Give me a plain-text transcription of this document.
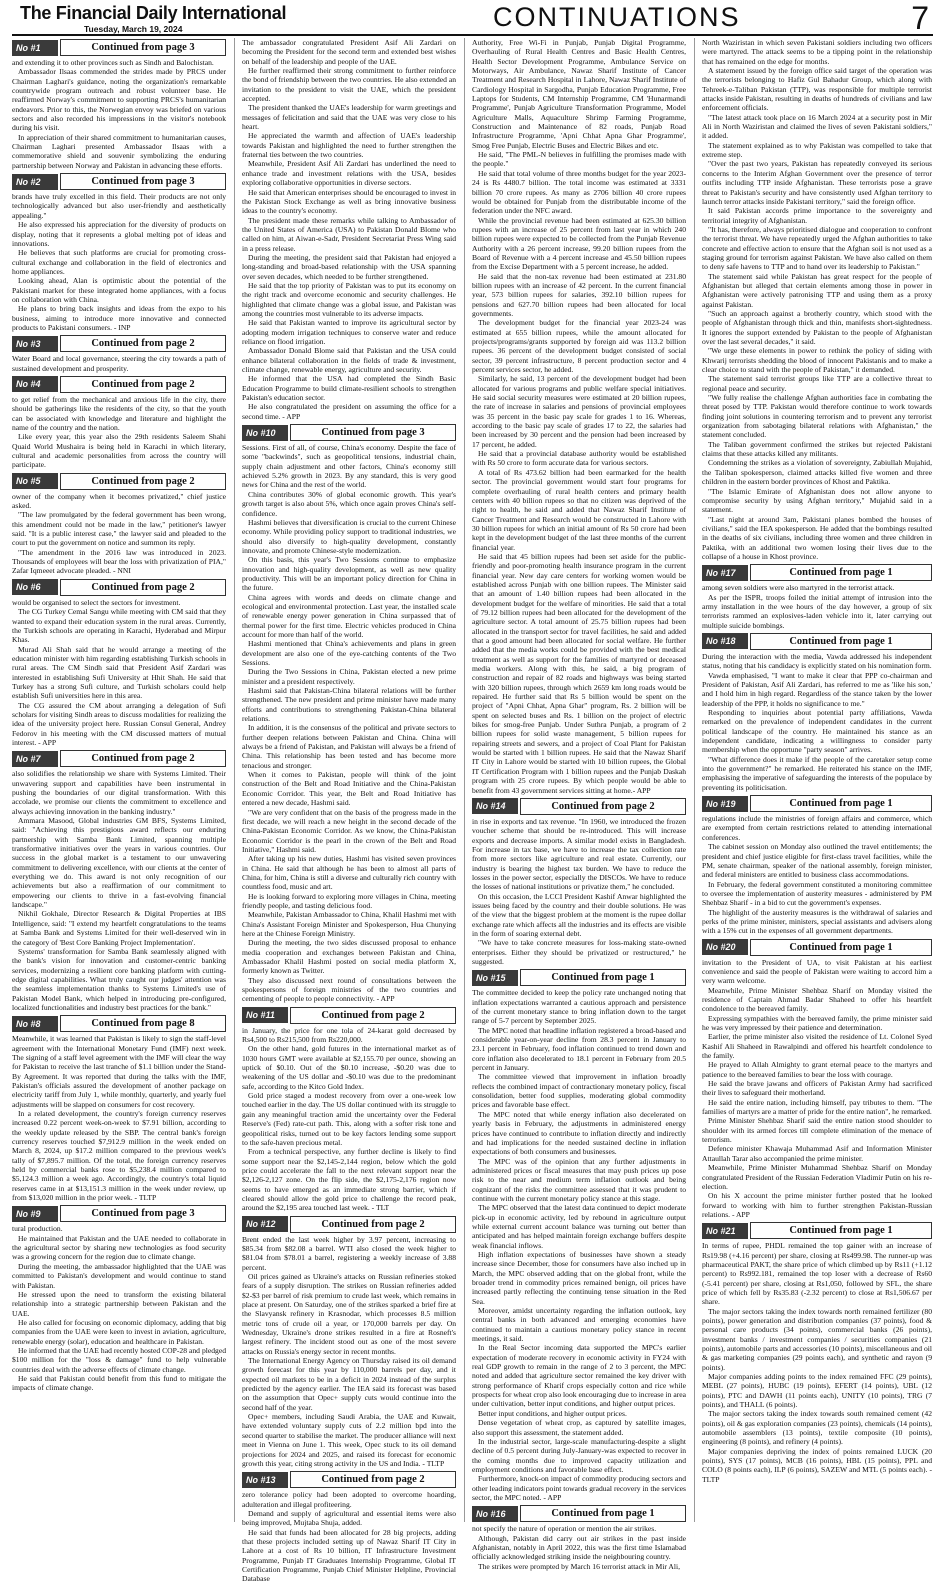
The Financial Daily International
Tuesday, March 19, 2024	CONTINUATIONS	7
No #1	Continued from page 3

and extending it to other provinces such as Sindh and Balochistan.

Ambassador Ilsaas commended the strides made by PRCS under Chairman Laghari's guidance, noting the organization's remarkable countrywide program outreach and robust volunteer base. He reaffirmed Norway's commitment to supporting PRCS's humanitarian endeavors. Prior to this, the Norwegian envoy was briefed on various sectors and also recorded his impressions in the visitor's notebook during his visit.

In appreciation of their shared commitment to humanitarian causes, Chairman Laghari presented Ambassador Ilsaas with a commemorative shield and souvenir symbolizing the enduring partnership between Norway and Pakistan in advancing these efforts.

No #2	Continued from page 3

brands have truly excelled in this field. Their products are not only technologically advanced but also user-friendly and aesthetically appealing."

He also expressed his appreciation for the diversity of products on display, noting that it represents a global melting pot of ideas and innovations.

He believes that such platforms are crucial for promoting cross-cultural exchange and collaboration in the field of electronics and home appliances.

Looking ahead, Alan is optimistic about the potential of the Pakistani market for these integrated home appliances, with a focus on collaboration with China.

He plans to bring back insights and ideas from the expo to his business, aiming to introduce more innovative and connected products to Pakistani consumers. - INP

No #3	Continued from page 2

Water Board and local governance, steering the city towards a path of sustained development and prosperity.

No #4	Continued from page 2

to get relief from the mechanical and anxious life in the city, there should be gatherings like the residents of the city, so that the youth can be associated with knowledge and literature and highlight the name of the country and the nation.

Like every year, this year also the 29th residents Saleem Shahi Quaid World Mushaira is being held in Karachi in which literary, cultural and academic personalities from across the country will participate.

No #5	Continued from page 2

owner of the company when it becomes privatized," chief justice asked.

"The law promulgated by the federal government has been wrong, this amendment could not be made in the law," petitioner's lawyer said. "It is a public interest case," the lawyer said and pleaded to the court to put the government on notice and summon its reply.

"The amendment in the 2016 law was introduced in 2023. Thousands of employees will bear the loss with privatization of PIA," Zafar Iqmeeet advocate pleaded. - NNI

No #6	Continued from page 2

would be organised to select the sectors for investment.

The CG Turkey Cemal Sangu while meeting with CM said that they wanted to expand their education system in the rural areas. Currently, the Turkish schools are operating in Karachi, Hyderabad and Mirpur Khas.

Murad Ali Shah said that he would arrange a meeting of the education minister with him regarding establishing Turkish schools in rural areas. The CM Sindh said that President Asif Zardari was interested in establishing Sufi University at Hhit Shah. He said that Turkey has a strong Sufi culture, and Turkish scholars could help establish Sufi universities here in this area.

The CG assured the CM about arranging a delegation of Sufi scholars for visiting Sindh areas to discuss modalities for realizing the idea of the university project here. Russian Consul General, Andrey Fedorov in his meeting with the CM discussed matters of mutual interest. - APP

No #7	Continued from page 2

also solidifies the relationship we share with Systems Limited. Their unwavering support and capabilities have been instrumental in pushing the boundaries of our digital transformation. With this accolade, we promise our clients the commitment to excellence and always achieving innovation in the banking industry."

Ammara Masood, Global industries GM BFS, Systems Limited, said: "Achieving this prestigious award reflects our enduring partnership with Samba Bank Limited, spanning multiple transformative initiatives over the years in various countries. Our success in the global market is a testament to our unwavering commitment to delivering excellence, with our clients at the center of everything we do. This award is not only recognition of our achievements but also a reaffirmation of our commitment to empowering our clients to thrive in a fast-evolving financial landscape."

Nikhil Gokhale, Director Research & Digital Properties at IBS Intelligence, said: "I extend my heartfelt congratulations to the teams at Samba Bank and Systems Limited for their well-deserved win in the category of 'Best Core Banking Project Implementation'.

Systems' transformation for Samba Bank seamlessly aligned with the bank's vision for innovation and customer-centric banking services, modernizing a resilient core banking platform with cutting-edge digital capabilities. What truly caught our judges' attention was the seamless implementation thanks to Systems Limited's use of Pakistan Model Bank, which helped in introducing pre-configured, localized functionalities and industry best practices for the bank."

No #8	Continued from page 8

Meanwhile, it was learned that Pakistan is likely to sign the staff-level agreement with the International Monetary Fund (IMF) next week. The signing of a staff level agreement with the IMF will clear the way for Pakistan to receive the last tranche of $1.1 billion under the Stand-By Agreement. It was reported that during the talks with the IMF, Pakistan's officials assured the development of another package on electricity tariff from July 1, while monthly, quarterly, and yearly fuel adjustments will be slapped on consumers for cost recovery.

In a related development, the country's foreign currency reserves increased 0.22 percent week-on-week to $7.91 billion, according to the weekly update released by the SBP. The central bank's foreign currency reserves touched $7,912.9 million in the week ended on March 8, 2024, up $17.2 million compared to the previous week's tally of $7,895.7 million. Of the total, the foreign currency reserves held by commercial banks rose to $5,238.4 million compared to $5,124.3 million a week ago. Accordingly, the country's total liquid reserves came in at $13,151.3 million in the week under review, up from $13,020 million in the prior week. - TLTP

No #9	Continued from page 3

tural production.

He maintained that Pakistan and the UAE needed to collaborate in the agricultural sector by sharing new technologies as food security was a growing concern for the region due to climate change.

During the meeting, the ambassador highlighted that the UAE was committed to Pakistan's development and would continue to stand with Pakistan.

He stressed upon the need to transform the existing bilateral relationship into a strategic partnership between Pakistan and the UAE.

He also called for focusing on economic diplomacy, adding that big companies from the UAE were keen to invest in aviation, agriculture, renewable energy (solar), education and healthcare in Pakistan.

He informed that the UAE had recently hosted COP-28 and pledged $100 million for the "loss & damage" fund to help vulnerable countries deal with the adverse effects of climate change.

He said that Pakistan could benefit from this fund to mitigate the impacts of climate change.

The ambassador congratulated President Asif Ali Zardari on becoming the President for the second term and extended best wishes on behalf of the leadership and people of the UAE.

He further reaffirmed their strong commitment to further reinforce the bond of friendship between the two countries. He also extended an invitation to the president to visit the UAE, which the president accepted.

The president thanked the UAE's leadership for warm greetings and messages of felicitation and said that the UAE was very close to his heart.

He appreciated the warmth and affection of UAE's leadership towards Pakistan and highlighted the need to further strengthen the fraternal ties between the two countries.

Meanwhile, President Asif Ali Zardari has underlined the need to enhance trade and investment relations with the USA, besides exploring collaborative opportunities in diverse sectors.

He said that American enterprises should be encouraged to invest in the Pakistan Stock Exchange as well as bring innovative business ideas to the country's economy.

The president made these remarks while talking to Ambassador of the United States of America (USA) to Pakistan Donald Blome who called on him, at Aiwan-e-Sadr, President Secretariat Press Wing said in a press release.

During the meeting, the president said that Pakistan had enjoyed a long-standing and broad-based relationship with the USA spanning over seven decades, which needed to be further strengthened.

He said that the top priority of Pakistan was to put its economy on the right track and overcome economic and security challenges. He highlighted that climate change was a global issue, and Pakistan was among the countries most vulnerable to its adverse impacts.

He said that Pakistan wanted to improve its agricultural sector by adopting modern irrigation techniques to conserve water and reduce reliance on flood irrigation.

Ambassador Donald Blome said that Pakistan and the USA could enhance bilateral collaboration in the fields of trade & investment, climate change, renewable energy, agriculture and security.

He informed that the USA had completed the Sindh Basic Education Programme to build climate-resilient schools to strengthen Pakistan's education sector.

He also congratulated the president on assuming the office for a second time. - APP

No #10	Continued from page 3

Sessions. First of all, of course, China's economy. Despite the face of some "backwinds", such as geopolitical tensions, industrial chain, supply chain adjustment and other factors, China's economy still achieved 5.2% growth in 2023. By any standard, this is very good news for China and the rest of the world.

China contributes 30% of global economic growth. This year's growth target is also about 5%, which once again proves China's self-confidence.

Hashmi believes that diversification is crucial to the current Chinese economy. While providing policy support to traditional industries, we should also diversify to high-quality development, constantly innovate, and promote Chinese-style modernization.

On this basis, this year's Two Sessions continue to emphasize innovation and high-quality development, as well as new quality productivity. This will be an important policy direction for China in the future.

China agrees with words and deeds on climate change and ecological and environmental protection. Last year, the installed scale of renewable energy power generation in China surpassed that of thermal power for the first time. Electric vehicles produced in China account for more than half of the world.

Hashmi mentioned that China's achievements and plans in green development are also one of the eye-catching contents of the Two Sessions.

During the Two Sessions in China, Pakistan elected a new prime minister and a president respectively.

Hashmi said that Pakistan-China bilateral relations will be further strengthened. The new president and prime minister have made many efforts and contributions to strengthening Pakistan-China bilateral relations.

In addition, it is the consensus of the political and private sectors to further deepen relations between Pakistan and China. China will always be a friend of Pakistan, and Pakistan will always be a friend of China. This relationship has been tested and has become more tenacious and stronger.

When it comes to Pakistan, people will think of the joint construction of the Belt and Road Initiative and the China-Pakistan Economic Corridor. This year, the Belt and Road Initiative has entered a new decade, Hashmi said.

"We are very confident that on the basis of the progress made in the first decade, we will reach a new height in the second decade of the China-Pakistan Economic Corridor. As we know, the China-Pakistan Economic Corridor is the pearl in the crown of the Belt and Road Initiative," Hashmi said.

After taking up his new duties, Hashmi has visited seven provinces in China. He said that although he has been to almost all parts of China, for him, China is still a diverse and culturally rich country with countless food, music and art.

He is looking forward to exploring more villages in China, meeting friendly people, and tasting delicious food.

Meanwhile, Pakistan Ambassador to China, Khalil Hashmi met with China's Assistant Foreign Minister and Spokesperson, Hua Chunying here at the Chinese Foreign Ministry.

During the meeting, the two sides discussed proposal to enhance media cooperation and exchanges between Pakistan and China, Ambassador Khalil Hashmi posted on social media platform X, formerly known as Twitter.

They also discussed next round of consultations between the spokespersons of foreign ministries of the two countries and cementing of people to people connectivity. - APP

No #11	Continued from page 2

in January, the price for one tola of 24-karat gold decreased by Rs4,500 to Rs215,500 from Rs220,000.

On the other hand, gold futures in the international market as of 1030 hours GMT were available at $2,155.70 per ounce, showing an uptick of $0.10. Out of the $0.10 increase, -$0.20 was due to weakening of the US dollar and -$0.10 was due to the predominant safe, according to the Kitco Gold Index.

Gold price staged a modest recovery from over a one-week low touched earlier in the day. The US dollar continued with its struggle to gain any meaningful traction amid the uncertainty over the Federal Reserve's (Fed) rate-cut path. This, along with a softer risk tone and geopolitical risks, turned out to be key factors lending some support to the safe-haven precious metal.

From a technical perspective, any further decline is likely to find some support near the $2,145-2,144 region, below which the gold price could accelerate the fall to the next relevant support near the $2,126-2,127 zone. On the flip side, the $2,175-2,176 region now seems to have emerged as an immediate strong barrier, which if cleared should allow the gold price to challenge the record peak, around the $2,195 area touched last week. - TLT

No #12	Continued from page 2

Brent ended the last week higher by 3.97 percent, increasing to $85.34 from $82.08 a barrel. WTI also closed the week higher to $81.04 from $78.01 a barrel, registering a weekly increase of 3.88 percent.

Oil prices gained as Ukraine's attacks on Russian refineries stoked fears of a supply disruption. The strikes on Russian refineries added $2-$3 per barrel of risk premium to crude last week, which remains in place at present. On Saturday, one of the strikes sparked a brief fire at the Slavyansk refinery in Krasnodar, which processes 8.5 million metric tons of crude oil a year, or 170,000 barrels per day. On Wednesday, Ukraine's drone strikes resulted in a fire at Rosneft's largest refinery. The incident stood out as one of the most severe attacks on Russia's energy sector in recent months.

The International Energy Agency on Thursday raised its oil demand growth forecast for this year by 110,000 barrels per day, and it expected oil markets to be in a deficit in 2024 instead of the surplus predicted by the agency earlier. The IEA said its forecast was based on the assumption that Opec+ supply cuts would continue into the second half of the year.

Opec+ members, including Saudi Arabia, the UAE and Kuwait, have extended voluntary supply cuts of 2.2 million bpd into the second quarter to stabilise the market. The producer alliance will next meet in Vienna on June 1. This week, Opec stuck to its oil demand projections for 2024 and 2025, and raised its forecast for economic growth this year, citing strong activity in the US and India. - TLTP

No #13	Continued from page 2

zero tolerance policy had been adopted to overcome hoarding, adulteration and illegal profiteering.

Demand and supply of agricultural and essential items were also being improved, Mujtaba Shuja, added.

He said that funds had been allocated for 28 big projects, adding that these projects included setting up of Nawaz Sharif IT City in Lahore at a cost of Rs 10 billion, IT Infrastructure Investment Programme, Punjab IT Graduates Internship Programme, Global IT Certification Programme, Punjab Chief Minister Helpline, Provincial Database

Authority, Free Wi-Fi in Punjab, Punjab Digital Programme, Overhauling of Rural Health Centres and Basic Health Centres, Health Sector Development Programme, Ambulance Service on Motorways, Air Ambulance, Nawaz Sharif Institute of Cancer Treatment and Research Hospital in Lahore, Nawaz Sharif Institute of Cardiology Hospital in Sargodha, Punjab Education Programme, Free Laptops for Students, CM Internship Programme, CM 'Hunarmandi Programme', Punjab Agriculture Transformation Programme, Model Agriculture Malls, Aquaculture Shrimp Farming Programme, Construction and Maintenance of 82 roads, Punjab Road Infrastructure Programme, 'Apni Chhat Apna Ghar Programme', Smog Free Punjab, Electric Buses and Electric Bikes and etc.

He said, "The PML-N believes in fulfilling the promises made with the people."

He said that total volume of three months budget for the year 2023-24 is Rs 4480.7 billion. The total income was estimated at 3331 billion 70 crore rupees. As many as 2706 billion 40 crore rupees would be obtained for Punjab from the distributable income of the federation under the NFC award.

While the provincial revenue had been estimated at 625.30 billion rupees with an increase of 25 percent from last year in which 240 billion rupees were expected to be collected from the Punjab Revenue Authority with a 26 percent increase, 99.20 billion rupees from the Board of Revenue with a 4 percent increase and 45.50 billion rupees from the Excise Department with a 5 percent increase, he added.

He said that the non-tax revenue had been estimated at 231.80 billion rupees with an increase of 42 percent. In the current financial year, 573 billion rupees for salaries, 392.10 billion rupees for pensions and 627.70 billion rupees had been allocated for local governments.

The development budget for the financial year 2023-24 was estimated at 655 billion rupees, while the amount allocated for projects/programs/grants supported by foreign aid was 113.2 billion rupees. 36 percent of the development budget consisted of social sector, 39 percent infrastructure, 8 percent production sector and 4 percent services sector, he added.

Similarly, he said, 13 percent of the development budget had been allocated for various programs and public welfare special initiatives. He said social security measures were estimated at 20 billion rupees, the rate of increase in salaries and pensions of provincial employees was 35 percent in the basic pay scale for grades 1 to 16. Whereas, according to the basic pay scale of grades 17 to 22, the salaries had been increased by 30 percent and the pension had been increased by 17 percent, he added.

He said that a provincial database authority would be established with Rs 50 crore to form accurate data for various sectors.

A total of Rs 473.62 billion had been earmarked for the health sector. The provincial government would start four programs for complete overhauling of rural health centers and primary health centers with 40 billion rupees so that no citizen was deprived of the right to health, he said and added that Nawaz Sharif Institute of Cancer Treatment and Research would be constructed in Lahore with 30 billion rupees for which an initial amount of Rs 50 crore had been kept in the development budget of the last three months of the current financial year.

He said that 45 billion rupees had been set aside for the public-friendly and poor-promoting health insurance program in the current financial year. New day care centers for working women would be established across Punjab with one billion rupees. The Minister said that an amount of 1.40 billion rupees had been allocated in the development budget for the welfare of minorities. He said that a total of 79.12 billion rupees had been allocated for the development of the agriculture sector. A total amount of 25.75 billion rupees had been allocated in the transport sector for travel facilities, he said and added that a good amount had been allocated for social welfare. He further added that the media works could be provided with the best medical treatment as well as support for the families of martyred or deceased media workers. Along with this, he said, a big program of construction and repair of 82 roads and highways was being started with 320 billion rupees, through which 2659 km long roads would be repaired. He further said that Rs 5 billion would be spent on the project of "Apni Chhat, Apna Ghar" program, Rs. 2 billion will be spent on selected buses and Rs. 1 billion on the project of electric bikes for smog-free Punjab. Under Suthra Punjab, a program of 2 billion rupees for solid waste management, 5 billion rupees for repairing streets and sewers, and a project of Coal Plant for Pakistan would be started with 1 billion rupees. He said that the Nawaz Sharif IT City in Lahore would be started with 10 billion rupees, the Global IT Certification Program with 1 billion rupees and the Punjab Daskah program with 25 crore rupees. By which people would be able to benefit from 43 government services sitting at home.- APP

No #14	Continued from page 2

in rise in exports and tax revenue. "In 1960, we introduced the frozen voucher scheme that should be re-introduced. This will increase exports and decrease imports. A similar model exists in Bangladesh. For increase in tax base, we have to increase the tax collection rate from more sectors like agriculture and real estate. Currently, our industry is bearing the highest tax burden. We have to reduce the losses in the power sector, especially the DISCOs. We have to reduce the losses of national institutions or privatize them," he concluded.

On this occasion, the LCCI President Kashif Anwar highlighted the issues being faced by the country and their double solutions. He was of the view that the biggest problem at the moment is the rupee dollar exchange rate which affects all the industries and its effects are visible in the form of soaring external debt.

"We have to take concrete measures for loss-making state-owned enterprises. Either they should be privatized or restructured," he suggested.

No #15	Continued from page 1

The committee decided to keep the policy rate unchanged noting that inflation expectations warranted a cautious approach and persistence of the current monetary stance to bring inflation down to the target range of 5-7 percent by September 2025.

The MPC noted that headline inflation registered a broad-based and considerable year-on-year decline from 28.3 percent in January to 23.1 percent in February, food inflation continued to trend down and core inflation also decelerated to 18.1 percent in February from 20.5 percent in January.

The committee viewed that improvement in inflation broadly reflects the combined impact of contractionary monetary policy, fiscal consolidation, better food supplies, moderating global commodity prices and favorable base effect.

The MPC noted that while energy inflation also decelerated on yearly basis in February, the adjustments in administered energy prices have continued to contribute to inflation directly and indirectly and had implications for the needed sustained decline in inflation expectations of both consumers and businesses.

The MPC was of the opinion that any further adjustments in administered prices or fiscal measures that may push prices up pose risk to the near and medium term inflation outlook and being cognizant of the risks the committee assessed that it was prudent to continue with the current monetary policy stance at this stage.

The MPC observed that the latest data continued to depict moderate pick-up in economic activity, led by rebound in agriculture output while external current account balance was turning out better than anticipated and has helped maintain foreign exchange buffers despite weak financial inflows.

High inflation expectations of businesses have shown a steady increase since December, those for consumers have also inched up in March, the MPC observed adding that on the global front, while the broader trend in commodity prices remained benign, oil prices have increased partly reflecting the continuing tense situation in the Red Sea.

Moreover, amidst uncertainty regarding the inflation outlook, key central banks in both advanced and emerging economies have continued to maintain a cautious monetary policy stance in recent meetings, it said.

In the Real Sector incoming data supported the MPC's earlier expectation of moderate recovery in economic activity in FY24 with real GDP growth to remain in the range of 2 to 3 percent, the MPC noted and added that agriculture sector remained the key driver with strong performance of Kharif crops especially cotton and rice while prospects for wheat crop also look encouraging due to increase in area under cultivation, better input conditions, and higher output prices.

Better input conditions, and higher output prices.

Dense vegetation of wheat crop, as captured by satellite images, also support this assessment, the statement added.

In the industrial sector, large-scale manufacturing-despite a slight decline of 0.5 percent during July-January-was expected to recover in the coming months due to improved capacity utilization and employment conditions and favorable base effect.

Furthermore, knock-on impact of commodity producing sectors and other leading indicators point towards gradual recovery in the services sector, the MPC noted. - APP

No #16	Continued from page 1

not specify the nature of operation or mention the air strikes.

Although, Pakistan did carry out air strikes in the past inside Afghanistan, notably in April 2022, this was the first time Islamabad officially acknowledged striking inside the neighbouring country.

The strikes were prompted by March 16 terrorist attack in Mir Ali,

North Waziristan in which seven Pakistani soldiers including two officers were martyred. The attack seems to be a tipping point in the relationship that has remained on the edge for months.

A statement issued by the foreign office said target of the operation was the terrorists belonging to Hafiz Gul Bahadur Group, which along with Tehreek-e-Taliban Pakistan (TTP), was responsible for multiple terrorist attacks inside Pakistan, resulting in deaths of hundreds of civilians and law enforcement officials.

"The latest attack took place on 16 March 2024 at a security post in Mir Ali in North Waziristan and claimed the lives of seven Pakistani soldiers," it added.

The statement explained as to why Pakistan was compelled to take that extreme step.

"Over the past two years, Pakistan has repeatedly conveyed its serious concerns to the Interim Afghan Government over the presence of terror outfits including TTP inside Afghanistan. These terrorists pose a grave threat to Pakistan's security and have consistently used Afghan territory to launch terror attacks inside Pakistani territory," said the foreign office.

It said Pakistan accords prime importance to the sovereignty and territorial integrity of Afghanistan.

"It has, therefore, always prioritised dialogue and cooperation to confront the terrorist threat. We have repeatedly urged the Afghan authorities to take concrete and effective action to ensure that the Afghan soil is not used as a staging ground for terrorism against Pakistan. We have also called on them to deny safe havens to TTP and to hand over its leadership to Pakistan."

The statement said while Pakistan has great respect for the people of Afghanistan but alleged that certain elements among those in power in Afghanistan were actively patronising TTP and using them as a proxy against Pakistan.

"Such an approach against a brotherly country, which stood with the people of Afghanistan through thick and thin, manifests short-sightedness. It ignores the support extended by Pakistan to the people of Afghanistan over the last several decades," it said.

"We urge these elements in power to rethink the policy of siding with Khwarij terrorists shedding the blood of innocent Pakistanis and to make a clear choice to stand with the people of Pakistan," it demanded.

The statement said terrorist groups like TTP are a collective threat to regional peace and security.

"We fully realise the challenge Afghan authorities face in combating the threat posed by TTP. Pakistan would therefore continue to work towards finding joint solutions in countering terrorism and to prevent any terrorist organization from sabotaging bilateral relations with Afghanistan," the statement concluded.

The Taliban government confirmed the strikes but rejected Pakistani claims that these attacks killed any militants.

Condemning the strikes as a violation of sovereignty, Zabiullah Mujahid, the Taliban spokesperson, claimed attacks killed five women and three children in the eastern border provinces of Khost and Paktika.

"The Islamic Emirate of Afghanistan does not allow anyone to compromise security by using Afghan territory," Mujahid said in a statement.

"Last night at around 3am, Pakistani planes bombed the houses of civilians," said the IEA spokesperson. He added that the bombings resulted in the deaths of six civilians, including three women and three children in Paktika, with an additional two women losing their lives due to the collapse of a house in Khost province.

No #17	Continued from page 1

among seven soldiers were also martyred in the terrorist attack.

As per the ISPR, troops foiled the initial attempt of intrusion into the army installation in the wee hours of the day however, a group of six terrorists rammed an explosives-laden vehicle into it, later carrying out multiple suicide bombings.

No #18	Continued from page 1

During the interaction with the media, Vawda addressed his independent status, noting that his candidacy is explicitly stated on his nomination form.

Vawda emphasised, "I want to make it clear that PPP co-chairman and President of Pakistan, Asif Ali Zardari, has referred to me as 'like his son,' and I hold him in high regard. Regardless of the stance taken by the lower leadership of the PPP, it holds no significance to me."

Responding to inquiries about potential party affiliations, Vawda remarked on the prevalence of independent candidates in the current political landscape of the country. He maintained his stance as an independent candidate, indicating a willingness to consider party membership when the opportune "party season" arrives.

"What difference does it make if the people of the caretaker setup come into the government?" he remarked. He reiterated his stance on the IMF, emphasising the imperative of safeguarding the interests of the populace by preventing its politicisation.

No #19	Continued from page 1

regulations include the ministries of foreign affairs and commerce, which are exempted from certain restrictions related to attending international conferences.

The cabinet session on Monday also outlined the travel entitlements; the president and chief justice eligible for first-class travel facilities, while the PM, senate chairman, speaker of the national assembly, foreign minister, and federal ministers are entitled to business class accommodations.

In February, the federal government constituted a monitoring committee to oversee the implementation of austerity measures - administered by PM Shehbaz Sharif - in a bid to cut the government's expenses.

The highlight of the austerity measures is the withdrawal of salaries and perks of the prime minister, ministers, special assistants and advisers along with a 15% cut in the expenses of all government departments.

No #20	Continued from page 1

invitation to the President of UA, to visit Pakistan at his earliest convenience and said the people of Pakistan were waiting to accord him a very warm welcome.

Meanwhile, Prime Minister Shehbaz Sharif on Monday visited the residence of Captain Ahmad Badar Shaheed to offer his heartfelt condolence to the bereaved family.

Expressing sympathies with the bereaved family, the prime minister said he was very impressed by their patience and determination.

Earlier, the prime minister also visited the residence of Lt. Colonel Syed Kashif Ali Shaheed in Rawalpindi and offered his heartfelt condolence to the family.

He prayed to Allah Almighty to grant eternal peace to the martyrs and patience to the bereaved families to bear the loss with courage.

He said the brave jawans and officers of Pakistan Army had sacrificed their lives to safeguard their motherland.

He said the entire nation, including himself, pay tributes to them. "The families of martyrs are a matter of pride for the entire nation", he remarked.

Prime Minister Shehbaz Sharif said the entire nation stood shoulder to shoulder with its armed forces till complete elimination of the menace of terrorism.

Defence minister Khawaja Muhammad Asif and Information Minister Attaullah Tarar also accompanied the prime minister.

Meanwhile, Prime Minister Muhammad Shehbaz Sharif on Monday congratulated President of the Russian Federation Vladimir Putin on his re-election.

On his X account the prime minister further posted that he looked forward to working with him to further strengthen Pakistan-Russian relations. - APP

No #21	Continued from page 1

In terms of rupee, PHDL remained the top gainer with an increase of Rs19.98 (+4.16 percent) per share, closing at Rs499.98. The runner-up was pharmaceutical PAKT, the share price of which climbed up by Rs11 (+1.12 percent) to Rs992.181, remained the top loser with a decrease of Rs60 (-5.41 percent) per share, closing at Rs1,050, followed by SFL, the share price of which fell by Rs35.83 (-2.32 percent) to close at Rs1,506.67 per share.

The major sectors taking the index towards north remained fertilizer (80 points), power generation and distribution companies (37 points), food & personal care products (34 points), commercial banks (26 points), investment banks / investment companies / securities companies (21 points), automobile parts and accessories (10 points), miscellaneous and oil & gas marketing companies (29 points each), and synthetic and rayon (9 points).

Major companies adding points to the index remained FFC (29 points), MEBL (27 points), HUBC (19 points), EFERT (14 points), UBL (12 points), PTC and DAWH (11 points each), UNITY (10 points), TRG (7 points), and THALL (6 points).

The major sectors taking the index towards south remained cement (42 points), oil & gas exploration companies (23 points), chemicals (14 points), automobile assemblers (13 points), textile composite (10 points), engineering (8 points), and refinery (4 points).

Major companies depriving the index of points remained LUCK (20 points), SYS (17 points), MCB (16 points), HBL (15 points), PPL and COLO (8 points each), ILP (6 points), SAZEW and MTL (5 points each). - TLTP
